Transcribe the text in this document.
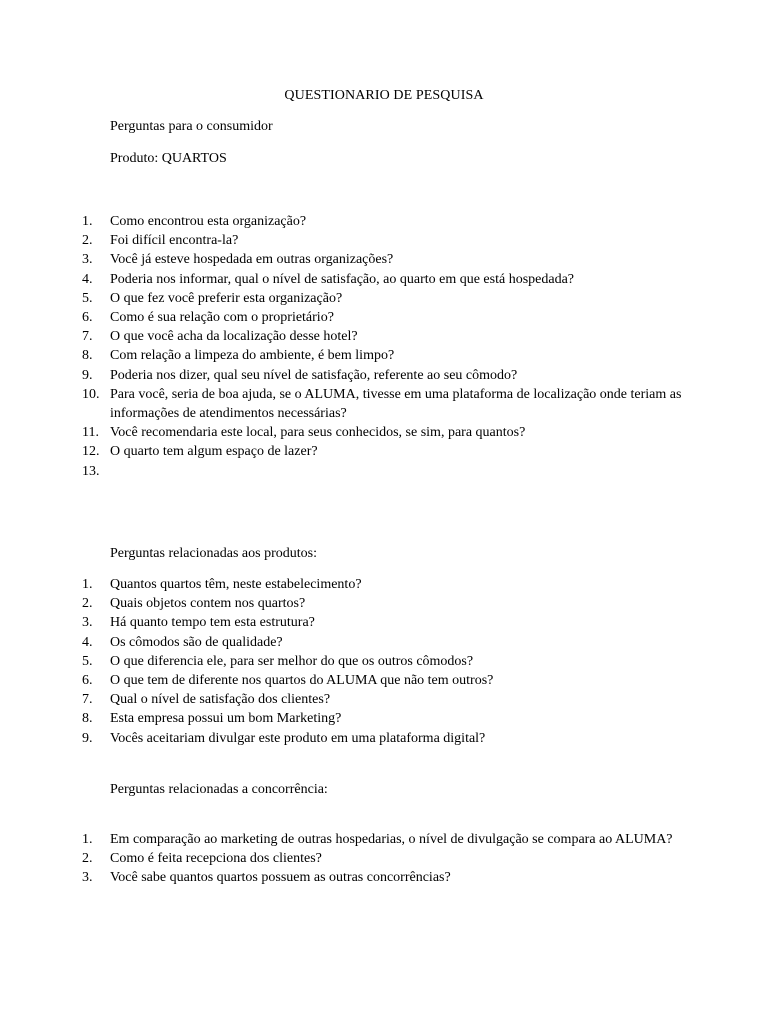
QUESTIONARIO DE PESQUISA
Perguntas para o consumidor
Produto: QUARTOS
1.	Como encontrou esta organização?
2.	Foi difícil encontra-la?
3.	Você já esteve hospedada em outras organizações?
4.	Poderia nos informar, qual o nível de satisfação, ao quarto em que está hospedada?
5.	O que fez você preferir esta organização?
6.	Como é sua relação com o proprietário?
7.	O que você acha da localização desse hotel?
8.	Com relação a limpeza do ambiente, é bem limpo?
9.	Poderia nos dizer, qual seu nível de satisfação, referente ao seu cômodo?
10. Para você, seria de boa ajuda, se o ALUMA, tivesse em uma plataforma de localização onde teriam as informações de atendimentos necessárias?
11. Você recomendaria este local, para seus conhecidos, se sim, para quantos?
12. O quarto tem algum espaço de lazer?
13.
Perguntas relacionadas aos produtos:
1.	Quantos quartos têm, neste estabelecimento?
2.	Quais objetos contem nos quartos?
3.	Há quanto tempo tem esta estrutura?
4.	Os cômodos são de qualidade?
5.	O que diferencia ele, para ser melhor do que os outros cômodos?
6.	O que tem de diferente nos quartos do ALUMA que não tem outros?
7.	Qual o nível de satisfação dos clientes?
8.	Esta empresa possui um bom Marketing?
9.	Vocês aceitariam divulgar este produto em uma plataforma digital?
Perguntas relacionadas a concorrência:
1.	Em comparação ao marketing de outras hospedarias, o nível de divulgação se compara ao ALUMA?
2.	Como é feita recepciona dos clientes?
3.	Você sabe quantos quartos possuem as outras concorrências?
